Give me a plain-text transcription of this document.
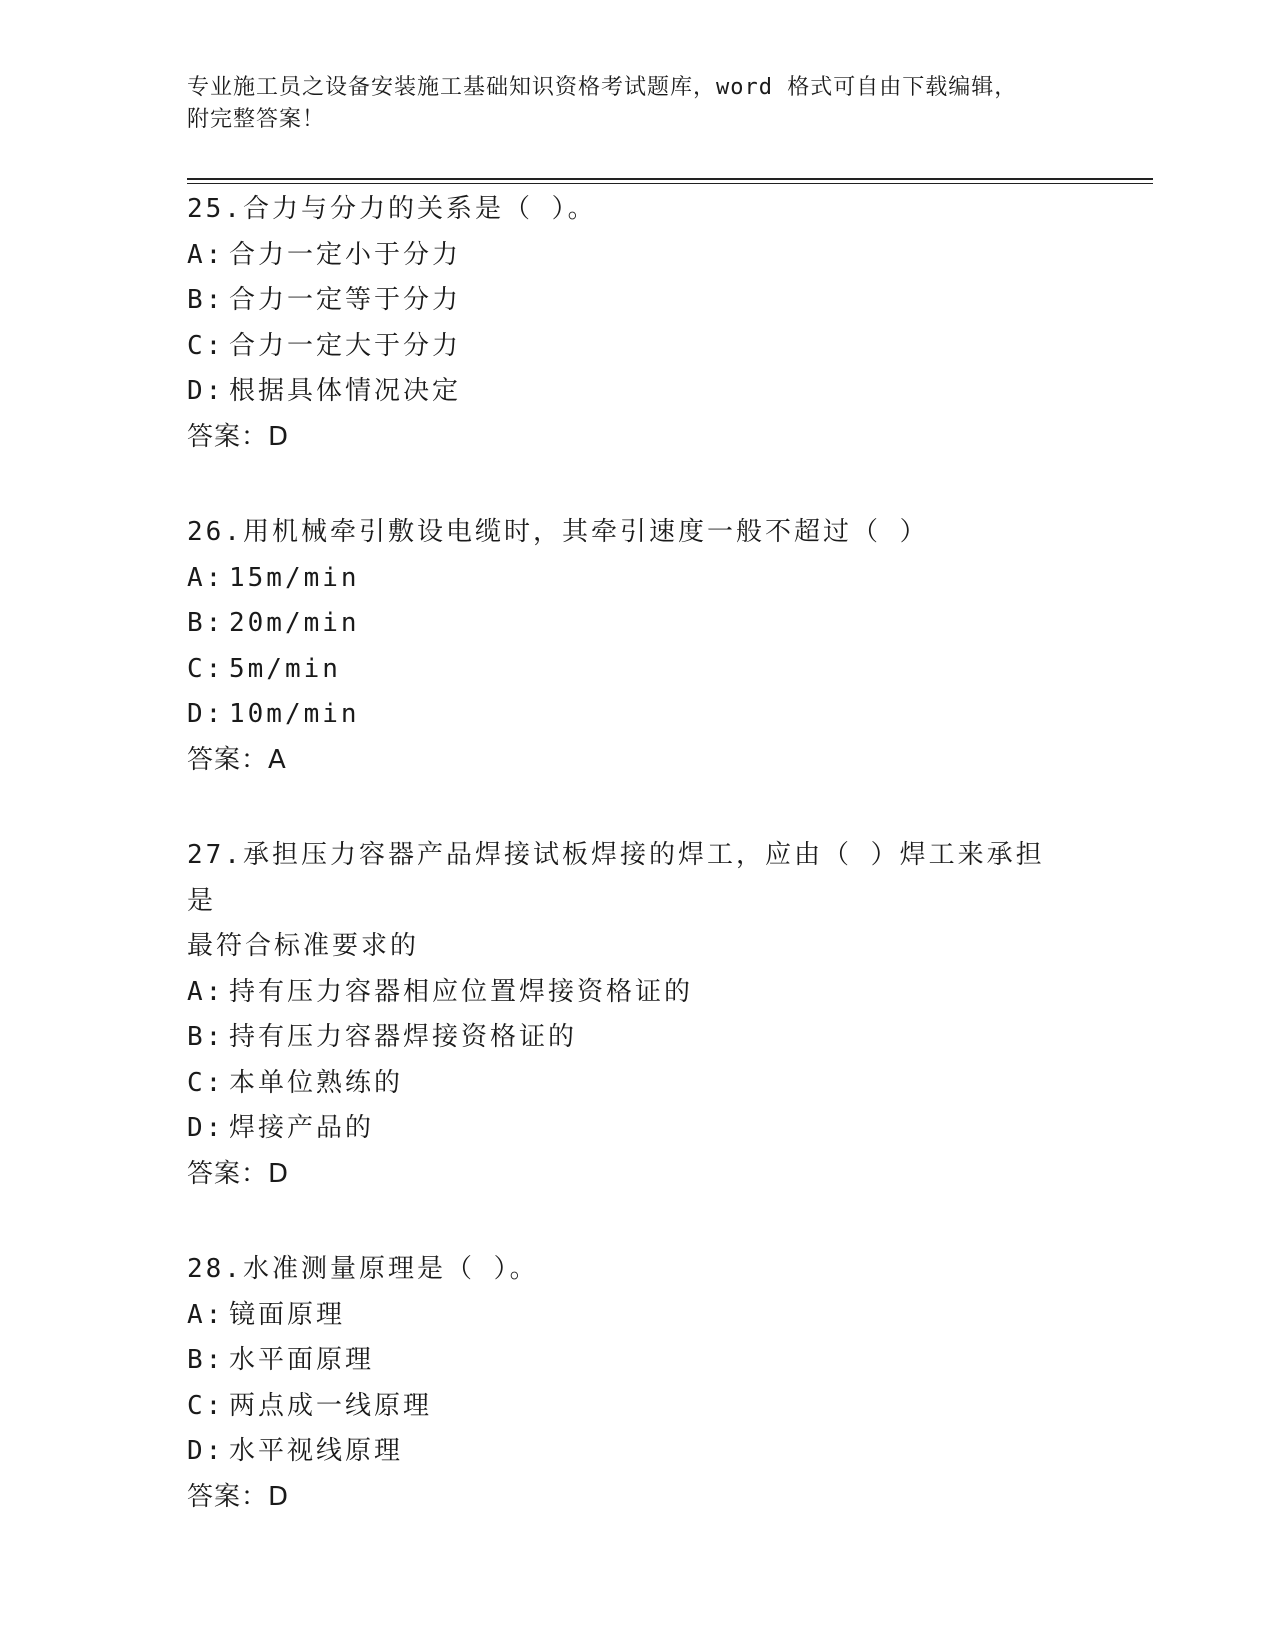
专业施工员之设备安装施工基础知识资格考试题库，word 格式可自由下载编辑，
附完整答案！
25.合力与分力的关系是（ ）。
A: 合力一定小于分力
B: 合力一定等于分力
C: 合力一定大于分力
D: 根据具体情况决定
答案：D
26.用机械牵引敷设电缆时，其牵引速度一般不超过（ ）
A: 15m/min
B: 20m/min
C: 5m/min
D: 10m/min
答案：A
27.承担压力容器产品焊接试板焊接的焊工，应由（ ）焊工来承担是
最符合标准要求的
A: 持有压力容器相应位置焊接资格证的
B: 持有压力容器焊接资格证的
C: 本单位熟练的
D: 焊接产品的
答案：D
28.水准测量原理是（ ）。
A: 镜面原理
B: 水平面原理
C: 两点成一线原理
D: 水平视线原理
答案：D
